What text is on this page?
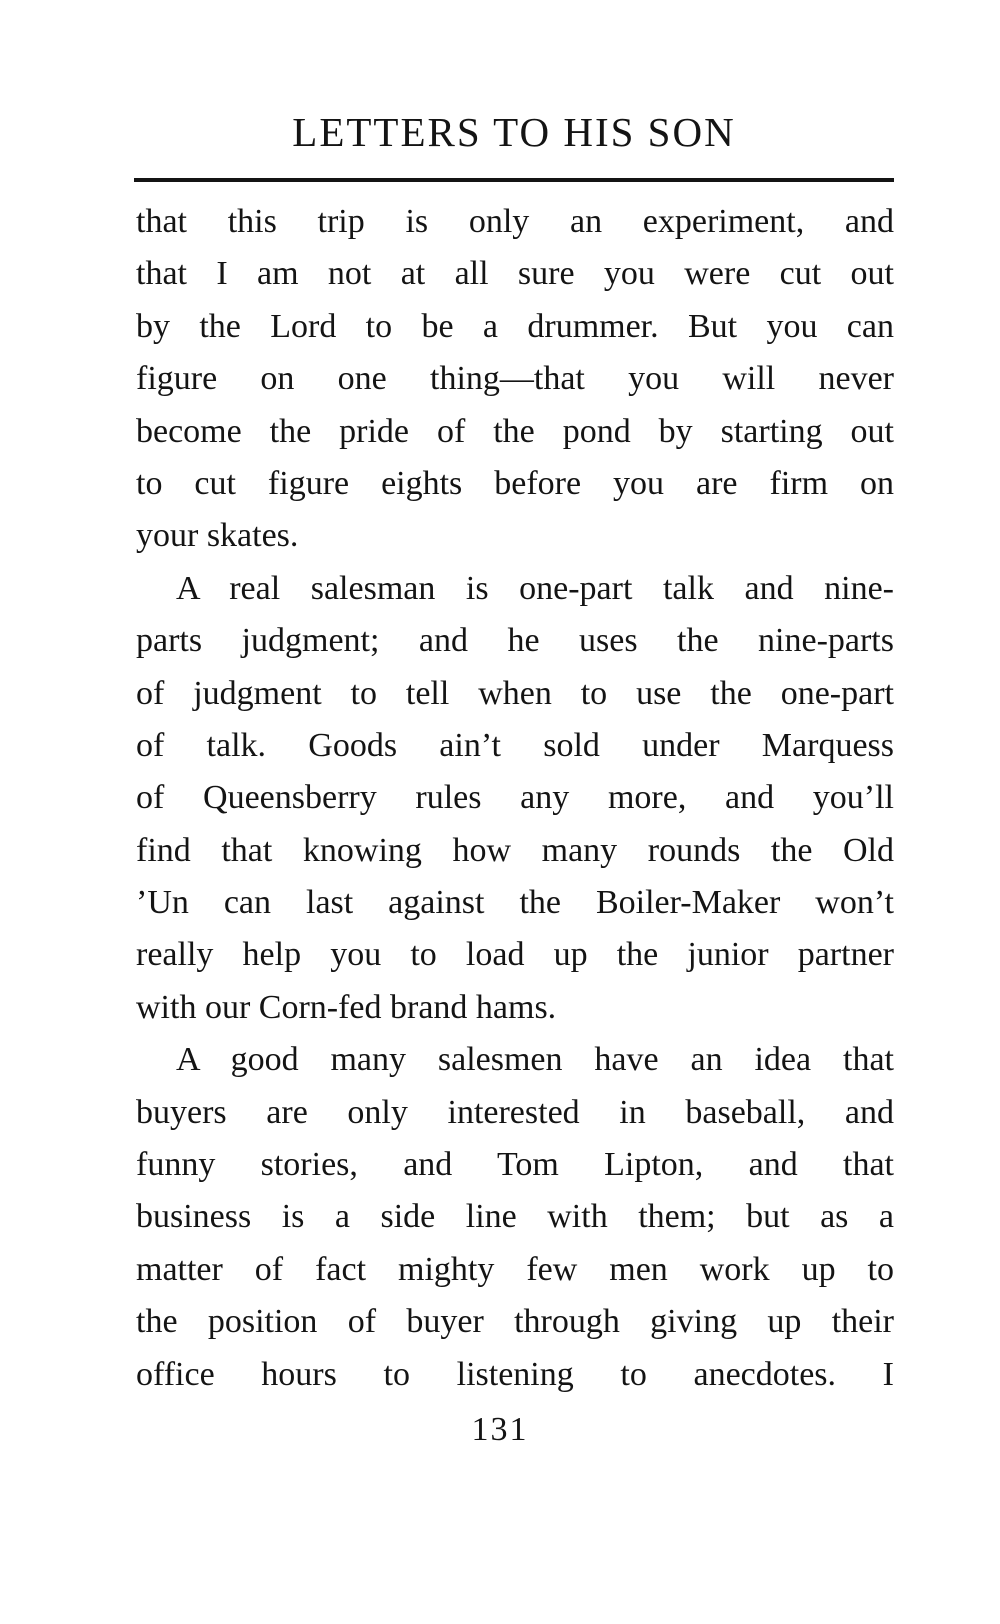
LETTERS TO HIS SON
that this trip is only an experiment, and
that I am not at all sure you were cut out
by the Lord to be a drummer. But you can
figure on one thing—that you will never
become the pride of the pond by starting out
to cut figure eights before you are firm on
your skates.
A real salesman is one-part talk and nine-
parts judgment; and he uses the nine-parts
of judgment to tell when to use the one-part
of talk. Goods ain’t sold under Marquess
of Queensberry rules any more, and you’ll
find that knowing how many rounds the Old
’Un can last against the Boiler-Maker won’t
really help you to load up the junior partner
with our Corn-fed brand hams.
A good many salesmen have an idea that
buyers are only interested in baseball, and
funny stories, and Tom Lipton, and that
business is a side line with them; but as a
matter of fact mighty few men work up to
the position of buyer through giving up their
office hours to listening to anecdotes. I
131
